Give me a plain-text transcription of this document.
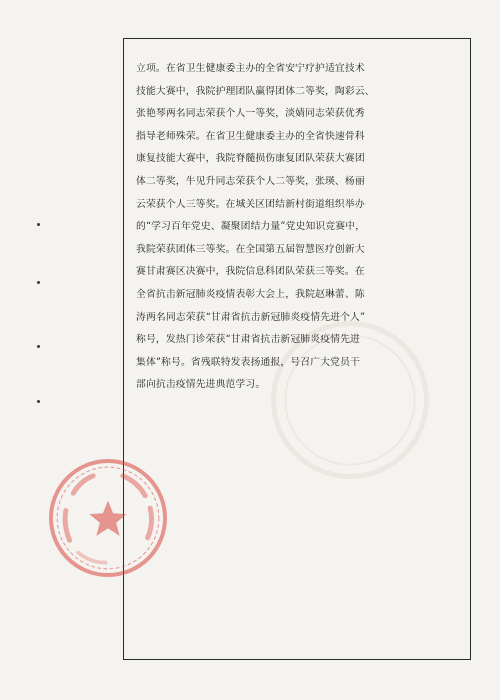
立项。在省卫生健康委主办的全省安宁疗护适宜技术
技能大赛中，我院护理团队赢得团体二等奖，陶彩云、
张艳琴两名同志荣获个人一等奖，淡婧同志荣获优秀
指导老师殊荣。在省卫生健康委主办的全省快速骨科
康复技能大赛中，我院脊髓损伤康复团队荣获大赛团
体二等奖，牛见升同志荣获个人二等奖，张瑛、杨丽
云荣获个人三等奖。在城关区团结新村街道组织举办
的“学习百年党史、凝聚团结力量”党史知识竞赛中，
我院荣获团体三等奖。在全国第五届智慧医疗创新大
赛甘肃赛区决赛中，我院信息科团队荣获三等奖。在
全省抗击新冠肺炎疫情表彰大会上，我院赵琳蕾、陈
涛两名同志荣获“甘肃省抗击新冠肺炎疫情先进个人”
称号，发热门诊荣获“甘肃省抗击新冠肺炎疫情先进
集体”称号。省残联特发表扬通报，号召广大党员干
部向抗击疫情先进典范学习。
